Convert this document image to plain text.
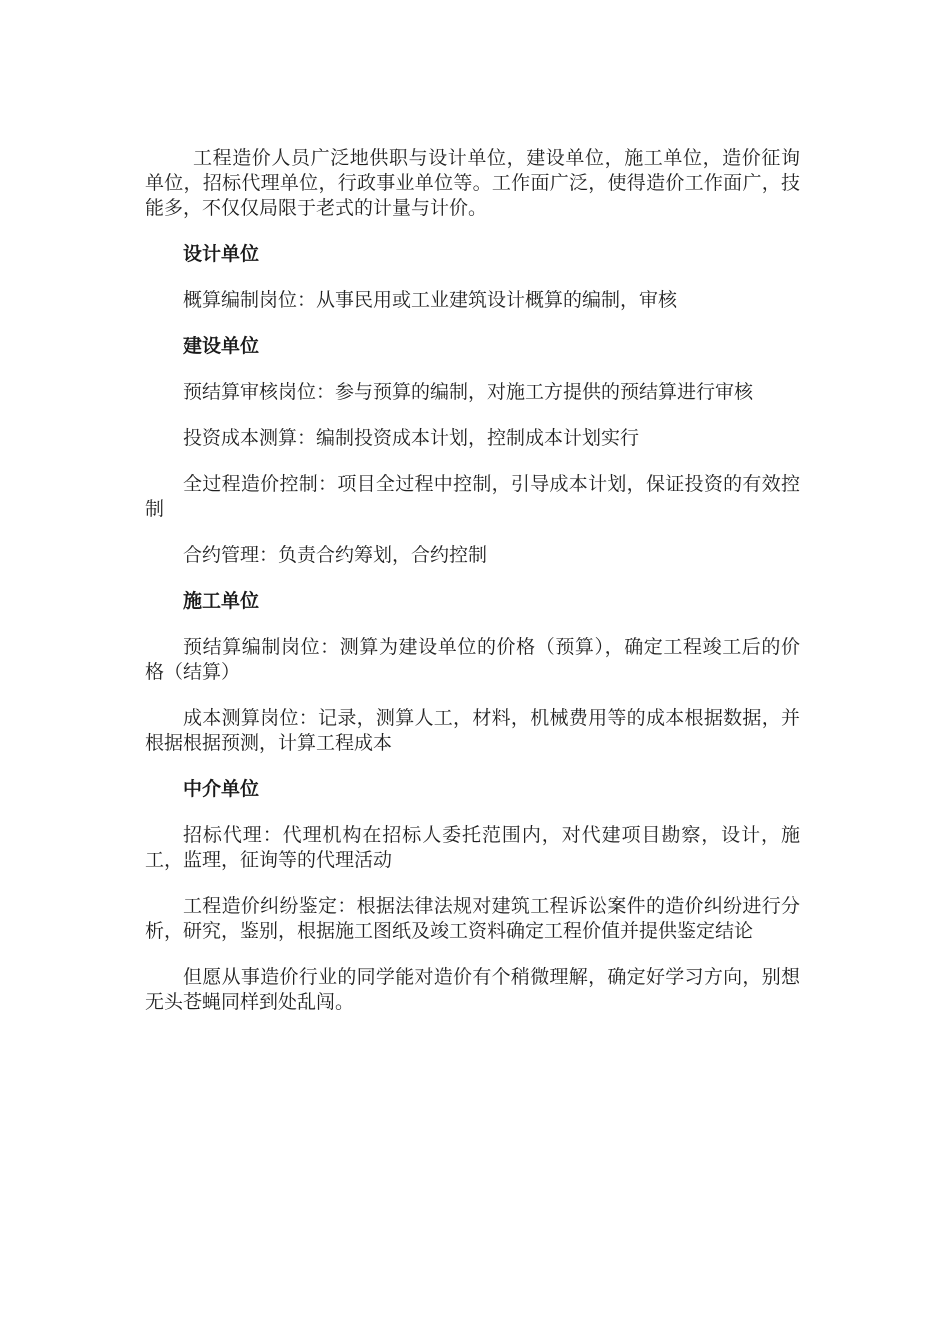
工程造价人员广泛地供职与设计单位，建设单位，施工单位，造价征询单位，招标代理单位，行政事业单位等。工作面广泛，使得造价工作面广，技能多，不仅仅局限于老式的计量与计价。

设计单位

概算编制岗位：从事民用或工业建筑设计概算的编制，审核

建设单位

预结算审核岗位：参与预算的编制，对施工方提供的预结算进行审核

投资成本测算：编制投资成本计划，控制成本计划实行

全过程造价控制：项目全过程中控制，引导成本计划，保证投资的有效控制

合约管理：负责合约筹划，合约控制

施工单位

预结算编制岗位：测算为建设单位的价格（预算），确定工程竣工后的价格（结算）

成本测算岗位：记录，测算人工，材料，机械费用等的成本根据数据，并根据根据预测，计算工程成本

中介单位

招标代理：代理机构在招标人委托范围内，对代建项目勘察，设计，施工，监理，征询等的代理活动

工程造价纠纷鉴定：根据法律法规对建筑工程诉讼案件的造价纠纷进行分析，研究，鉴别，根据施工图纸及竣工资料确定工程价值并提供鉴定结论

但愿从事造价行业的同学能对造价有个稍微理解，确定好学习方向，别想无头苍蝇同样到处乱闯。
